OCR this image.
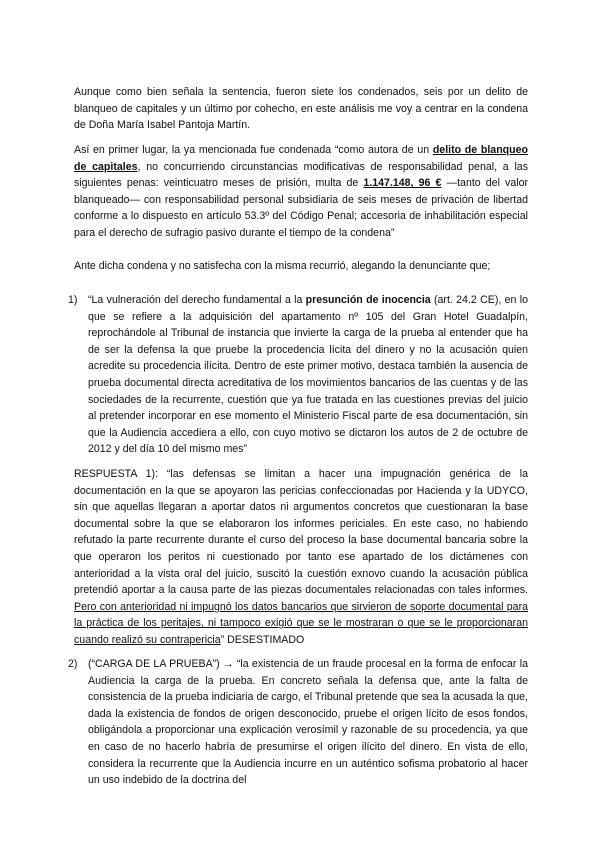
Aunque como bien señala la sentencia, fueron siete los condenados, seis por un delito de blanqueo de capitales y un último por cohecho, en este análisis me voy a centrar en la condena de Doña María Isabel Pantoja Martín.

Así en primer lugar, la ya mencionada fue condenada “como autora de un delito de blanqueo de capitales, no concurriendo circunstancias modificativas de responsabilidad penal, a las siguientes penas: veinticuatro meses de prisión, multa de 1.147.148, 96 € —tanto del valor blanqueado— con responsabilidad personal subsidiaria de seis meses de privación de libertad conforme a lo dispuesto en artículo 53.3º del Código Penal; accesoria de inhabilitación especial para el derecho de sufragio pasivo durante el tiempo de la condena”

Ante dicha condena y no satisfecha con la misma recurrió, alegando la denunciante que;

1) “La vulneración del derecho fundamental a la presunción de inocencia (art. 24.2 CE), en lo que se refiere a la adquisición del apartamento nº 105 del Gran Hotel Guadalpín, reprochándole al Tribunal de instancia que invierte la carga de la prueba al entender que ha de ser la defensa la que pruebe la procedencia lícita del dinero y no la acusación quien acredite su procedencia ilícita. Dentro de este primer motivo, destaca también la ausencia de prueba documental directa acreditativa de los movimientos bancarios de las cuentas y de las sociedades de la recurrente, cuestión que ya fue tratada en las cuestiones previas del juicio al pretender incorporar en ese momento el Ministerio Fiscal parte de esa documentación, sin que la Audiencia accediera a ello, con cuyo motivo se dictaron los autos de 2 de octubre de 2012 y del día 10 del mismo mes”

RESPUESTA 1): “las defensas se limitan a hacer una impugnación genérica de la documentación en la que se apoyaron las pericias confeccionadas por Hacienda y la UDYCO, sin que aquellas llegaran a aportar datos ni argumentos concretos que cuestionaran la base documental sobre la que se elaboraron los informes periciales. En este caso, no habiendo refutado la parte recurrente durante el curso del proceso la base documental bancaria sobre la que operaron los peritos ni cuestionado por tanto ese apartado de los dictámenes con anterioridad a la vista oral del juicio, suscitó la cuestión exnovo cuando la acusación pública pretendió aportar a la causa parte de las piezas documentales relacionadas con tales informes. Pero con anterioridad ni impugnó los datos bancarios que sirvieron de soporte documental para la práctica de los peritajes, ni tampoco exigió que se le mostraran o que se le proporcionaran cuando realizó su contrapericia” DESESTIMADO

2) (“CARGA DE LA PRUEBA”) → “la existencia de un fraude procesal en la forma de enfocar la Audiencia la carga de la prueba. En concreto señala la defensa que, ante la falta de consistencia de la prueba indiciaria de cargo, el Tribunal pretende que sea la acusada la que, dada la existencia de fondos de origen desconocido, pruebe el origen lícito de esos fondos, obligándola a proporcionar una explicación verosímil y razonable de su procedencia, ya que en caso de no hacerlo habría de presumirse el origen ilícito del dinero. En vista de ello, considera la recurrente que la Audiencia incurre en un auténtico sofisma probatorio al hacer un uso indebido de la doctrina del
